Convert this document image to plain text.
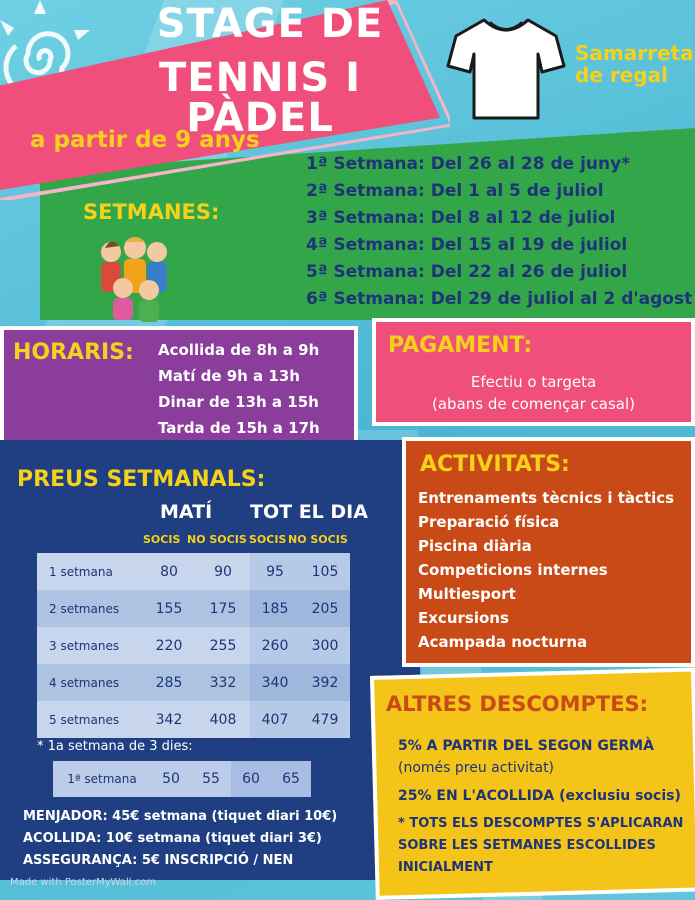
STAGE DE
TENNIS I PÀDEL
a partir de 9 anys
Samarreta
de regal
SETMANES:
1ª Setmana: Del 26 al 28 de juny*
2ª Setmana: Del 1 al 5 de juliol
3ª Setmana: Del 8 al 12 de juliol
4ª Setmana: Del 15 al 19 de juliol
5ª Setmana: Del 22 al 26 de juliol
6ª Setmana: Del 29 de juliol al 2 d'agost
HORARIS: Acollida de 8h a 9h
Matí de 9h a 13h
Dinar de 13h a 15h
Tarda de 15h a 17h
PAGAMENT:
Efectiu o targeta
(abans de començar casal)
PREUS SETMANALS:
MATÍ TOT EL DIA
SOCIS NO SOCIS SOCIS NO SOCIS
1 setmana	80	90	95	105
2 setmanes	155	175	185	205
3 setmanes	220	255	260	300
4 setmanes	285	332	340	392
5 setmanes	342	408	407	479
* 1a setmana de 3 dies:
1ª setmana	50	55	60	65
MENJADOR: 45€ setmana (tiquet diari 10€)
ACOLLIDA: 10€ setmana (tiquet diari 3€)
ASSEGURANÇA: 5€ INSCRIPCIÓ / NEN
ACTIVITATS:
Entrenaments tècnics i tàctics
Preparació física
Piscina diària
Competicions internes
Multiesport
Excursions
Acampada nocturna
ALTRES DESCOMPTES:
5% A PARTIR DEL SEGON GERMÀ
(només preu activitat)
25% EN L'ACOLLIDA (exclusiu socis)
* TOTS ELS DESCOMPTES S'APLICARAN
SOBRE LES SETMANES ESCOLLIDES
INICIALMENT
Made with PosterMyWall.com
